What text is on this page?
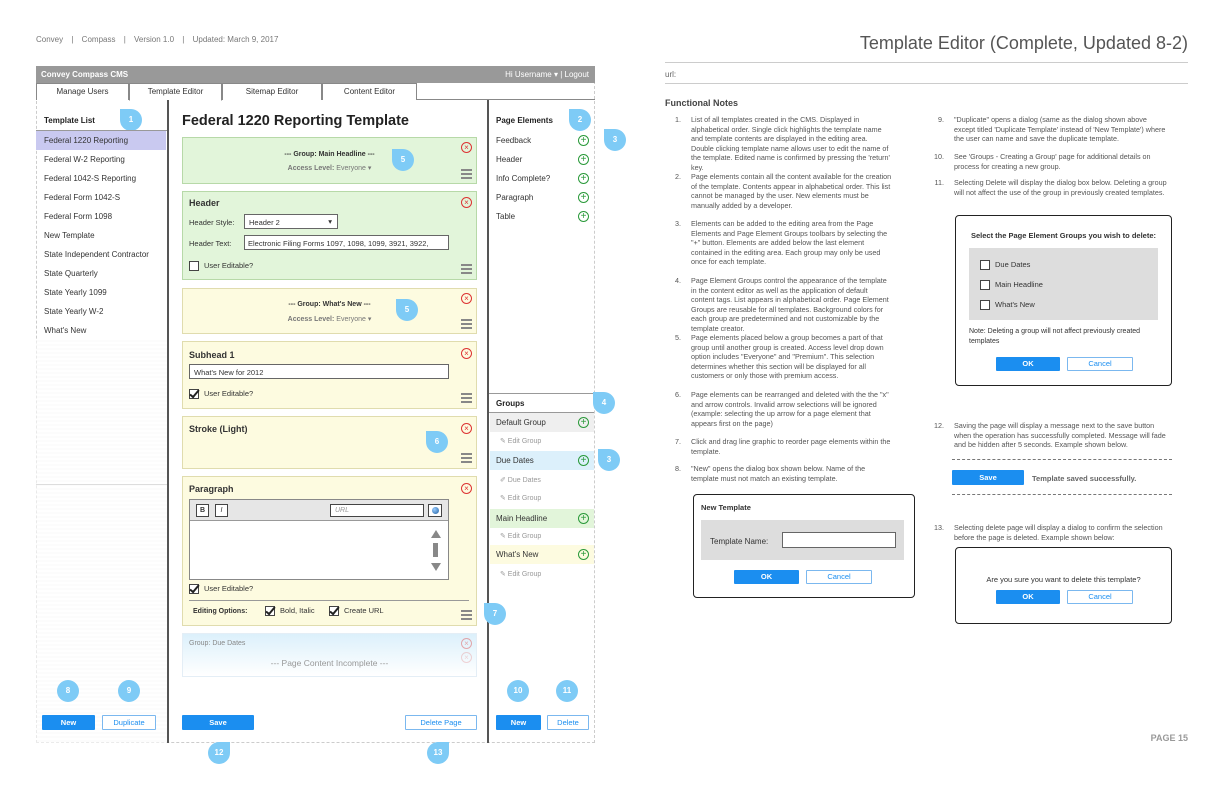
Convey | Compass | Version 1.0 | Updated: March 9, 2017	Template Editor (Complete, Updated 8-2)
url:
Convey Compass CMS	Hi Username ▾ | Logout
Manage Users	Template Editor	Sitemap Editor	Content Editor
Template List	1
Federal 1220 Reporting
Federal W-2 Reporting
Federal 1042-S Reporting
Federal Form 1042-S
Federal Form 1098
New Template
State Independent Contractor
State Quarterly
State Yearly 1099
State Yearly W-2
What's New
8	9
New	Duplicate
Federal 1220 Reporting Template
--- Group: Main Headline ---
Access Level: Everyone ▾
×
5
Header
Header Style:	Header 2	▾
Header Text:	Electronic Filing Forms 1097, 1098, 1099, 3921, 3922,
User Editable?
×
--- Group: What's New ---
Access Level: Everyone ▾
×
5
Subhead 1
What's New for 2012
User Editable?
×
Stroke (Light)	×
6
Paragraph
B	I	URL
User Editable?
Editing Options:	Bold, Italic	Create URL
×
7
Group: Due Dates
--- Page Content Incomplete ---
×
×
Save	Delete Page
12	13
Page Elements	2
Feedback	+	3
Header	+
Info Complete?	+
Paragraph	+
Table	+
Groups	4
Default Group	+
✎ Edit Group
Due Dates	+	3
✐ Due Dates
✎ Edit Group
Main Headline	+
✎ Edit Group
What's New	+
✎ Edit Group
10	11
New	Delete
Functional Notes
1. List of all templates created in the CMS. Displayed in alphabetical order. Single click highlights the template name and template contents are displayed in the editing area. Double clicking template name allows user to edit the name of the template. Edited name is confirmed by pressing the 'return' key.
2. Page elements contain all the content available for the creation of the template. Contents appear in alphabetical order. This list cannot be managed by the user. New elements must be manually added by a developer.
3. Elements can be added to the editing area from the Page Elements and Page Element Groups toolbars by selecting the "+" button. Elements are added below the last element contained in the editing area. Each group may only be used once for each template.
4. Page Element Groups control the appearance of the template in the content editor as well as the application of default content tags. List appears in alphabetical order. Page Element Groups are reusable for all templates. Background colors for each group are predetermined and not customizable by the template creator.
5. Page elements placed below a group becomes a part of that group until another group is created. Access level drop down option includes "Everyone" and "Premium". This selection determines whether this section will be displayed for all customers or only those with premium access.
6. Page elements can be rearranged and deleted with the the "x" and arrow controls. Invalid arrow selections will be ignored (example: selecting the up arrow for a page element that appears first on the page)
7. Click and drag line graphic to reorder page elements within the template.
8. "New" opens the dialog box shown below. Name of the template must not match an existing template.
9. "Duplicate" opens a dialog (same as the dialog shown above except titled 'Duplicate Template' instead of 'New Template') where the user can name and save the duplicate template.
10. See 'Groups - Creating a Group' page for additional details on process for creating a new group.
11. Selecting Delete will display the dialog box below. Deleting a group will not affect the use of the group in previously created templates.
12. Saving the page will display a message next to the save button when the operation has successfully completed. Message will fade and be hidden after 5 seconds. Example shown below.
13. Selecting delete page will display a dialog to confirm the selection before the page is deleted. Example shown below:
New Template
Template Name:
OK	Cancel
Select the Page Element Groups you wish to delete:
Due Dates
Main Headline
What's New
Note: Deleting a group will not affect previously created templates
OK	Cancel
Save	Template saved successfully.
Are you sure you want to delete this template?
OK	Cancel
PAGE 15
